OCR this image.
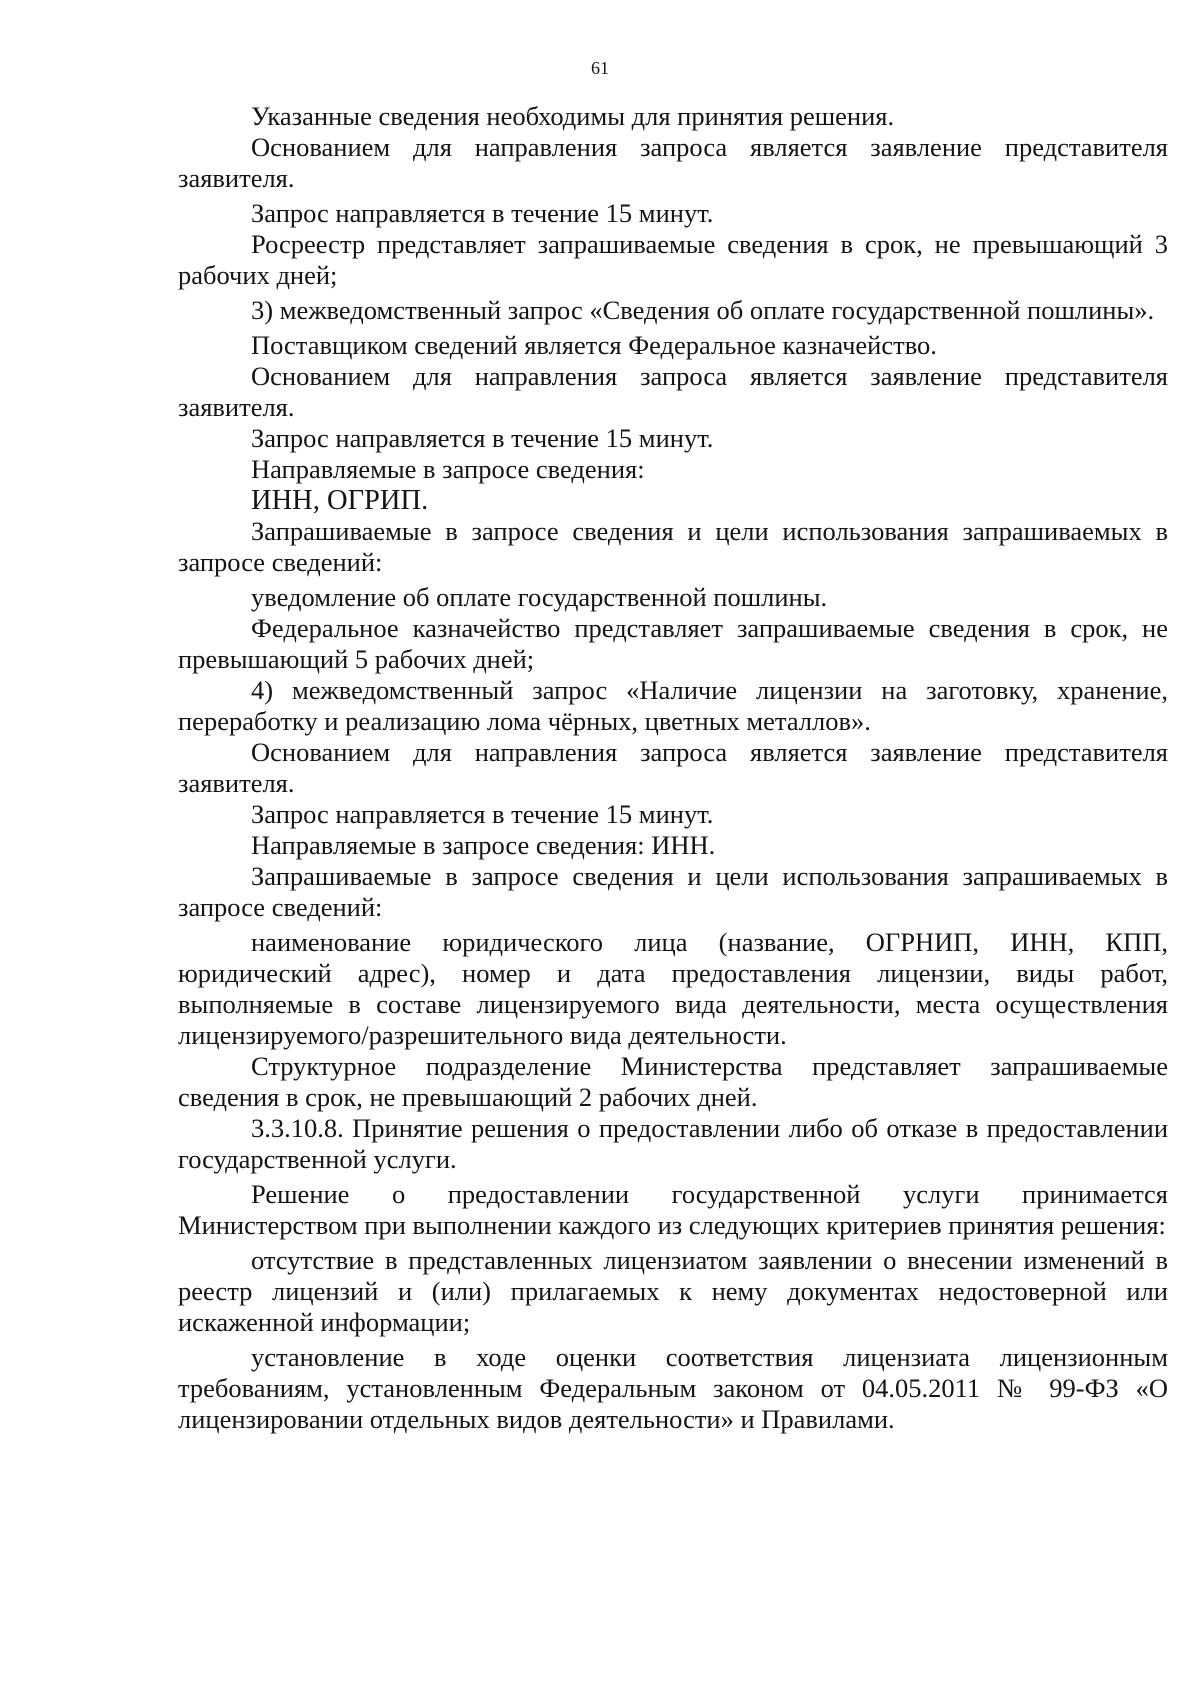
61

Указанные сведения необходимы для принятия решения.

Основанием для направления запроса является заявление представителя заявителя.

Запрос направляется в течение 15 минут.

Росреестр представляет запрашиваемые сведения в срок, не превышающий 3 рабочих дней;

3) межведомственный запрос «Сведения об оплате государственной пошлины».

Поставщиком сведений является Федеральное казначейство.

Основанием для направления запроса является заявление представителя заявителя.

Запрос направляется в течение 15 минут.

Направляемые в запросе сведения:

ИНН, ОГРИП.

Запрашиваемые в запросе сведения и цели использования запрашиваемых в запросе сведений:

уведомление об оплате государственной пошлины.

Федеральное казначейство представляет запрашиваемые сведения в срок, не превышающий 5 рабочих дней;

4) межведомственный запрос «Наличие лицензии на заготовку, хранение, переработку и реализацию лома чёрных, цветных металлов».

Основанием для направления запроса является заявление представителя заявителя.

Запрос направляется в течение 15 минут.

Направляемые в запросе сведения: ИНН.

Запрашиваемые в запросе сведения и цели использования запрашиваемых в запросе сведений:

наименование юридического лица (название, ОГРНИП, ИНН, КПП, юридический адрес), номер и дата предоставления лицензии, виды работ, выполняемые в составе лицензируемого вида деятельности, места осуществления лицензируемого/разрешительного вида деятельности.

Структурное подразделение Министерства представляет запрашиваемые сведения в срок, не превышающий 2 рабочих дней.

3.3.10.8. Принятие решения о предоставлении либо об отказе в предоставлении государственной услуги.

Решение о предоставлении государственной услуги принимается Министерством при выполнении каждого из следующих критериев принятия решения:

отсутствие в представленных лицензиатом заявлении о внесении изменений в реестр лицензий и (или) прилагаемых к нему документах недостоверной или искаженной информации;

установление в ходе оценки соответствия лицензиата лицензионным требованиям, установленным Федеральным законом от 04.05.2011 № 99-ФЗ «О лицензировании отдельных видов деятельности» и Правилами.
